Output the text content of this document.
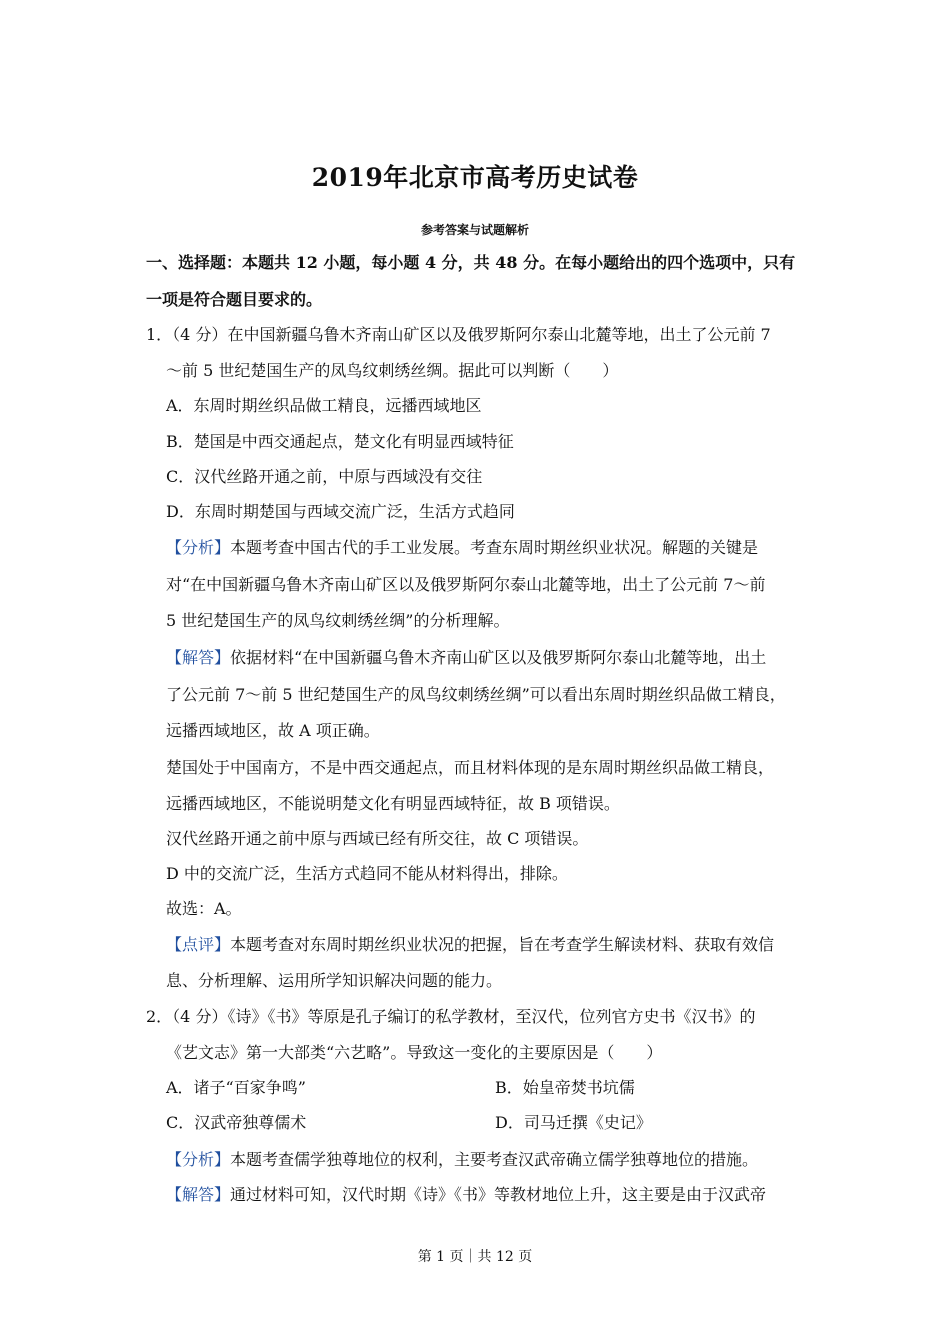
2019年北京市高考历史试卷
参考答案与试题解析
一、选择题：本题共 12 小题，每小题 4 分，共 48 分。在每小题给出的四个选项中，只有
一项是符合题目要求的。
1．（4 分）在中国新疆乌鲁木齐南山矿区以及俄罗斯阿尔泰山北麓等地，出土了公元前 7
～前 5 世纪楚国生产的凤鸟纹刺绣丝绸。据此可以判断（　　）
A．东周时期丝织品做工精良，远播西域地区
B．楚国是中西交通起点，楚文化有明显西域特征
C．汉代丝路开通之前，中原与西域没有交往
D．东周时期楚国与西域交流广泛，生活方式趋同
【分析】本题考查中国古代的手工业发展。考查东周时期丝织业状况。解题的关键是
对“在中国新疆乌鲁木齐南山矿区以及俄罗斯阿尔泰山北麓等地，出土了公元前 7～前
5 世纪楚国生产的凤鸟纹刺绣丝绸”的分析理解。
【解答】依据材料“在中国新疆乌鲁木齐南山矿区以及俄罗斯阿尔泰山北麓等地，出土
了公元前 7～前 5 世纪楚国生产的凤鸟纹刺绣丝绸”可以看出东周时期丝织品做工精良，
远播西域地区，故 A 项正确。
楚国处于中国南方，不是中西交通起点，而且材料体现的是东周时期丝织品做工精良，
远播西域地区，不能说明楚文化有明显西域特征，故 B 项错误。
汉代丝路开通之前中原与西域已经有所交往，故 C 项错误。
D 中的交流广泛，生活方式趋同不能从材料得出，排除。
故选：A。
【点评】本题考查对东周时期丝织业状况的把握，旨在考查学生解读材料、获取有效信
息、分析理解、运用所学知识解决问题的能力。
2．（4 分）《诗》《书》等原是孔子编订的私学教材，至汉代，位列官方史书《汉书》的
《艺文志》第一大部类“六艺略”。导致这一变化的主要原因是（　　）
A．诸子“百家争鸣”	B．始皇帝焚书坑儒
C．汉武帝独尊儒术	D．司马迁撰《史记》
【分析】本题考查儒学独尊地位的权利，主要考查汉武帝确立儒学独尊地位的措施。
【解答】通过材料可知，汉代时期《诗》《书》等教材地位上升，这主要是由于汉武帝
第 1 页｜共 12 页
